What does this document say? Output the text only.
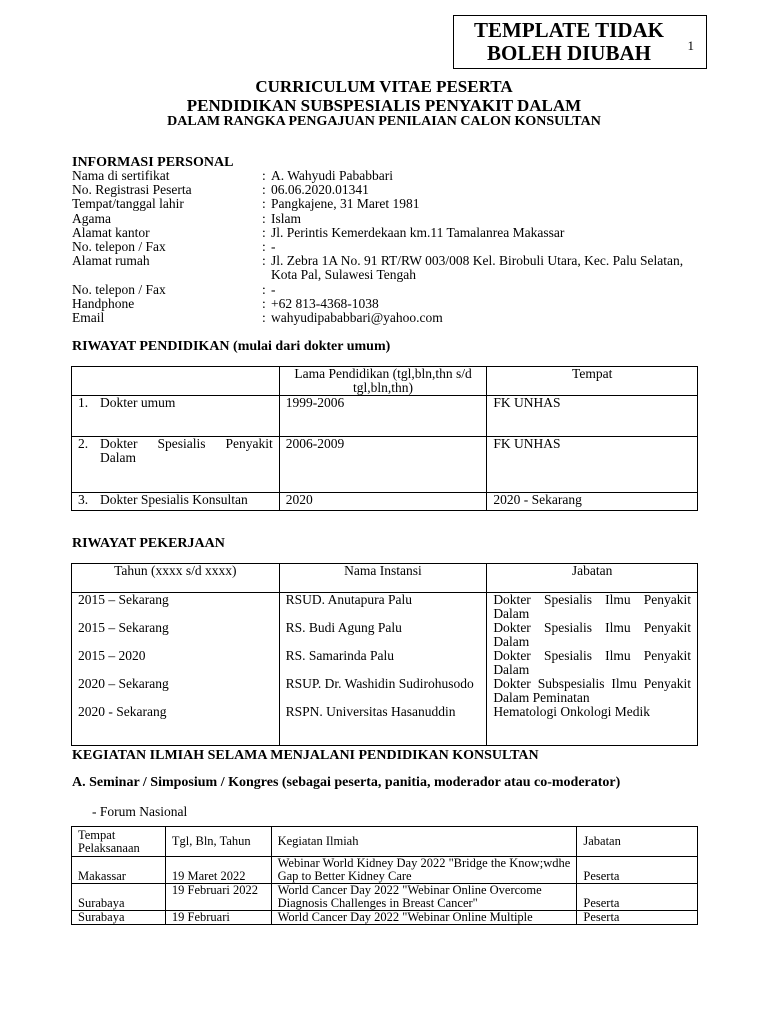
TEMPLATE TIDAK
BOLEH DIUBAH	1
CURRICULUM VITAE PESERTA
PENDIDIKAN SUBSPESIALIS PENYAKIT DALAM
DALAM RANGKA PENGAJUAN PENILAIAN CALON KONSULTAN
INFORMASI PERSONAL
Nama di sertifikat	: A. Wahyudi Pababbari
No. Registrasi Peserta	: 06.06.2020.01341
Tempat/tanggal lahir	: Pangkajene, 31 Maret 1981
Agama	: Islam
Alamat kantor	: Jl. Perintis Kemerdekaan km.11 Tamalanrea Makassar
No. telepon / Fax	: -
Alamat rumah	: Jl. Zebra 1A No. 91 RT/RW 003/008 Kel. Birobuli Utara, Kec. Palu Selatan, Kota Pal, Sulawesi Tengah
No. telepon / Fax	: -
Handphone	: +62 813-4368-1038
Email	: wahyudipababbari@yahoo.com
RIWAYAT PENDIDIKAN (mulai dari dokter umum)
	Lama Pendidikan (tgl,bln,thn s/d tgl,bln,thn)	Tempat

1. Dokter umum	1999-2006	FK UNHAS

2. Dokter Spesialis Penyakit Dalam	2006-2009	FK UNHAS

3. Dokter Spesialis Konsultan	2020	2020 - Sekarang
RIWAYAT PEKERJAAN
Tahun (xxxx s/d xxxx)	Nama Instansi	Jabatan
2015 – Sekarang	RSUD. Anutapura Palu	Dokter Spesialis Ilmu Penyakit Dalam
2015 – Sekarang	RS. Budi Agung Palu	Dokter Spesialis Ilmu Penyakit Dalam
2015 – 2020	RS. Samarinda Palu	Dokter Spesialis Ilmu Penyakit Dalam
2020 – Sekarang	RSUP. Dr. Washidin Sudirohusodo	Dokter Subspesialis Ilmu Penyakit Dalam Peminatan
2020 - Sekarang	RSPN. Universitas Hasanuddin	Hematologi Onkologi Medik
KEGIATAN ILMIAH SELAMA MENJALANI PENDIDIKAN KONSULTAN
A. Seminar / Simposium / Kongres (sebagai peserta, panitia, moderador atau co-moderator)
- Forum Nasional
Tempat Pelaksanaan	Tgl, Bln, Tahun	Kegiatan Ilmiah	Jabatan
Makassar	19 Maret 2022	Webinar World Kidney Day 2022 "Bridge the Know;wdhe Gap to Better Kidney Care	Peserta
Surabaya	19 Februari 2022	World Cancer Day 2022 "Webinar Online Overcome Diagnosis Challenges in Breast Cancer"	Peserta
Surabaya	19 Februari	World Cancer Day 2022 "Webinar Online Multiple	Peserta
